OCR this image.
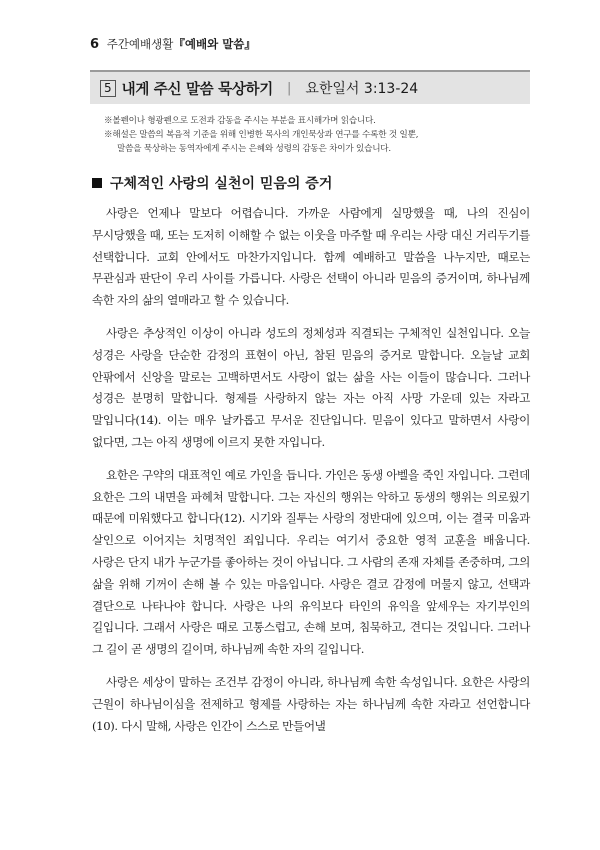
6 주간예배생활『예배와 말씀』
5 내게 주신 말씀 묵상하기 | 요한일서 3:13-24

※볼펜이나 형광펜으로 도전과 감동을 주시는 부분을 표시해가며 읽습니다.

※해설은 말씀의 복음적 기준을 위해 인병한 목사의 개인묵상과 연구를 수록한 것 일뿐,

말씀을 묵상하는 동역자에게 주시는 은혜와 성령의 감동은 차이가 있습니다.

구체적인 사랑의 실천이 믿음의 증거

사랑은 언제나 말보다 어렵습니다. 가까운 사람에게 실망했을 때, 나의 진심이 무시당했을 때, 또는 도저히 이해할 수 없는 이웃을 마주할 때 우리는 사랑 대신 거리두기를 선택합니다. 교회 안에서도 마찬가지입니다. 함께 예배하고 말씀을 나누지만, 때로는 무관심과 판단이 우리 사이를 가릅니다. 사랑은 선택이 아니라 믿음의 증거이며, 하나님께 속한 자의 삶의 열매라고 할 수 있습니다.

사랑은 추상적인 이상이 아니라 성도의 정체성과 직결되는 구체적인 실천입니다. 오늘 성경은 사랑을 단순한 감정의 표현이 아닌, 참된 믿음의 증거로 말합니다. 오늘날 교회 안팎에서 신앙을 말로는 고백하면서도 사랑이 없는 삶을 사는 이들이 많습니다. 그러나 성경은 분명히 말합니다. 형제를 사랑하지 않는 자는 아직 사망 가운데 있는 자라고 말입니다(14). 이는 매우 날카롭고 무서운 진단입니다. 믿음이 있다고 말하면서 사랑이 없다면, 그는 아직 생명에 이르지 못한 자입니다.

요한은 구약의 대표적인 예로 가인을 듭니다. 가인은 동생 아벨을 죽인 자입니다. 그런데 요한은 그의 내면을 파헤쳐 말합니다. 그는 자신의 행위는 악하고 동생의 행위는 의로웠기 때문에 미워했다고 합니다(12). 시기와 질투는 사랑의 정반대에 있으며, 이는 결국 미움과 살인으로 이어지는 치명적인 죄입니다. 우리는 여기서 중요한 영적 교훈을 배웁니다. 사랑은 단지 내가 누군가를 좋아하는 것이 아닙니다. 그 사람의 존재 자체를 존중하며, 그의 삶을 위해 기꺼이 손해 볼 수 있는 마음입니다. 사랑은 결코 감정에 머물지 않고, 선택과 결단으로 나타나야 합니다. 사랑은 나의 유익보다 타인의 유익을 앞세우는 자기부인의 길입니다. 그래서 사랑은 때로 고통스럽고, 손해 보며, 침묵하고, 견디는 것입니다. 그러나 그 길이 곧 생명의 길이며, 하나님께 속한 자의 길입니다.

사랑은 세상이 말하는 조건부 감정이 아니라, 하나님께 속한 속성입니다. 요한은 사랑의 근원이 하나님이심을 전제하고 형제를 사랑하는 자는 하나님께 속한 자라고 선언합니다(10). 다시 말해, 사랑은 인간이 스스로 만들어낼
